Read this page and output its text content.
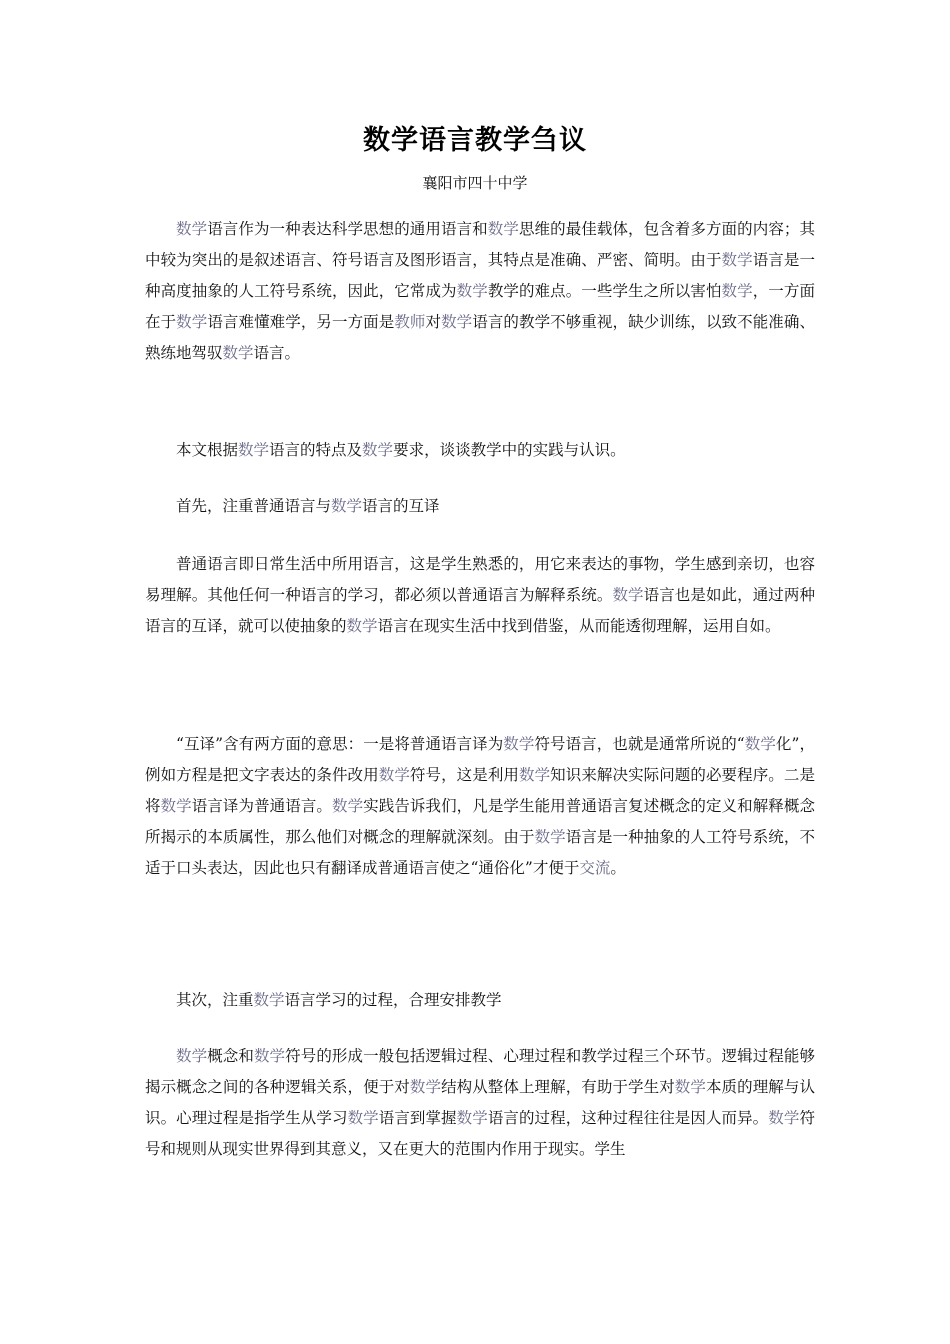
数学语言教学刍议
襄阳市四十中学

数学语言作为一种表达科学思想的通用语言和数学思维的最佳载体，包含着多方面的内容；其中较为突出的是叙述语言、符号语言及图形语言，其特点是准确、严密、简明。由于数学语言是一种高度抽象的人工符号系统，因此，它常成为数学教学的难点。一些学生之所以害怕数学，一方面在于数学语言难懂难学，另一方面是教师对数学语言的教学不够重视，缺少训练，以致不能准确、熟练地驾驭数学语言。

本文根据数学语言的特点及数学要求，谈谈教学中的实践与认识。

首先，注重普通语言与数学语言的互译

普通语言即日常生活中所用语言，这是学生熟悉的，用它来表达的事物，学生感到亲切，也容易理解。其他任何一种语言的学习，都必须以普通语言为解释系统。数学语言也是如此，通过两种语言的互译，就可以使抽象的数学语言在现实生活中找到借鉴，从而能透彻理解，运用自如。

“互译”含有两方面的意思：一是将普通语言译为数学符号语言，也就是通常所说的“数学化”，例如方程是把文字表达的条件改用数学符号，这是利用数学知识来解决实际问题的必要程序。二是将数学语言译为普通语言。数学实践告诉我们，凡是学生能用普通语言复述概念的定义和解释概念所揭示的本质属性，那么他们对概念的理解就深刻。由于数学语言是一种抽象的人工符号系统，不适于口头表达，因此也只有翻译成普通语言使之“通俗化”才便于交流。

其次，注重数学语言学习的过程，合理安排教学

数学概念和数学符号的形成一般包括逻辑过程、心理过程和教学过程三个环节。逻辑过程能够揭示概念之间的各种逻辑关系，便于对数学结构从整体上理解，有助于学生对数学本质的理解与认识。心理过程是指学生从学习数学语言到掌握数学语言的过程，这种过程往往是因人而异。数学符号和规则从现实世界得到其意义，又在更大的范围内作用于现实。学生
